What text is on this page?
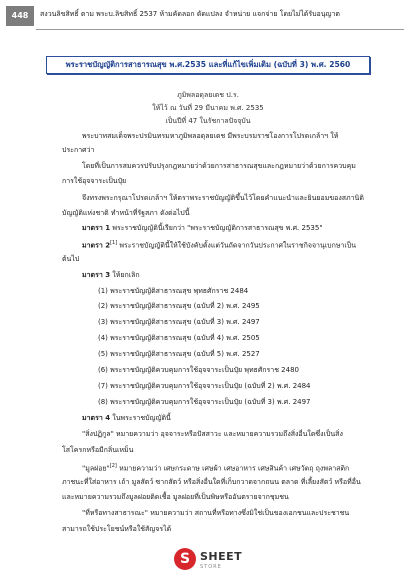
448	สงวนลิขสิทธิ์ ตาม พระบ.ลิขสิทธิ์ 2537 ห้ามคัดลอก ดัดแปลง จำหน่าย แจกจ่าย โดยไม่ได้รับอนุญาต
พระราชบัญญัติการสาธารณสุข พ.ศ.2535 และที่แก้ไขเพิ่มเติม (ฉบับที่ 3) พ.ศ. 2560
ภูมิพลอดุลยเดช ป.ร.
ให้ไว้ ณ วันที่ 29 มีนาคม พ.ศ. 2535
เป็นปีที่ 47 ในรัชกาลปัจจุบัน
พระบาทสมเด็จพระปรมินทรมหาภูมิพลอดุลยเดช มีพระบรมราชโองการโปรดเกล้าฯ ให้
ประกาศว่า
โดยที่เป็นการสมควรปรับปรุงกฎหมายว่าด้วยการสาธารณสุขและกฎหมายว่าด้วยการควบคุม
การใช้อุจจาระเป็นปุ๋ย
จึงทรงพระกรุณาโปรดเกล้าฯ ให้ตราพระราชบัญญัติขึ้นไว้โดยคำแนะนำและยินยอมของสภานิติ
บัญญัติแห่งชาติ ทำหน้าที่รัฐสภา ดังต่อไปนี้
มาตรา 1 พระราชบัญญัตินี้เรียกว่า "พระราชบัญญัติการสาธารณสุข พ.ศ. 2535"
มาตรา 2[1] พระราชบัญญัตินี้ให้ใช้บังคับตั้งแต่วันถัดจากวันประกาศในราชกิจจานุเบกษาเป็น
ต้นไป
มาตรา 3 ให้ยกเลิก
(1) พระราชบัญญัติสาธารณสุข พุทธศักราช 2484
(2) พระราชบัญญัติสาธารณสุข (ฉบับที่ 2) พ.ศ. 2495
(3) พระราชบัญญัติสาธารณสุข (ฉบับที่ 3) พ.ศ. 2497
(4) พระราชบัญญัติสาธารณสุข (ฉบับที่ 4) พ.ศ. 2505
(5) พระราชบัญญัติสาธารณสุข (ฉบับที่ 5) พ.ศ. 2527
(6) พระราชบัญญัติควบคุมการใช้อุจจาระเป็นปุ๋ย พุทธศักราช 2480
(7) พระราชบัญญัติควบคุมการใช้อุจจาระเป็นปุ๋ย (ฉบับที่ 2) พ.ศ. 2484
(8) พระราชบัญญัติควบคุมการใช้อุจจาระเป็นปุ๋ย (ฉบับที่ 3) พ.ศ. 2497
มาตรา 4 ในพระราชบัญญัตินี้
"สิ่งปฏิกูล" หมายความว่า อุจจาระหรือปัสสาวะ และหมายความรวมถึงสิ่งอื่นใดซึ่งเป็นสิ่ง
โสโครกหรือมีกลิ่นเหม็น
"มูลฝอย"[2] หมายความว่า เศษกระดาษ เศษผ้า เศษอาหาร เศษสินค้า เศษวัตถุ ถุงพลาสติก
ภาชนะที่ใส่อาหาร เถ้า มูลสัตว์ ซากสัตว์ หรือสิ่งอื่นใดที่เก็บกวาดจากถนน ตลาด ที่เลี้ยงสัตว์ หรือที่อื่น
และหมายความรวมถึงมูลฝอยติดเชื้อ มูลฝอยที่เป็นพิษหรืออันตรายจากชุมชน
"ที่หรือทางสาธารณะ" หมายความว่า สถานที่หรือทางซึ่งมิใช่เป็นของเอกชนและประชาชน
สามารถใช้ประโยชน์หรือใช้สัญจรได้
S SHEET
STORE
